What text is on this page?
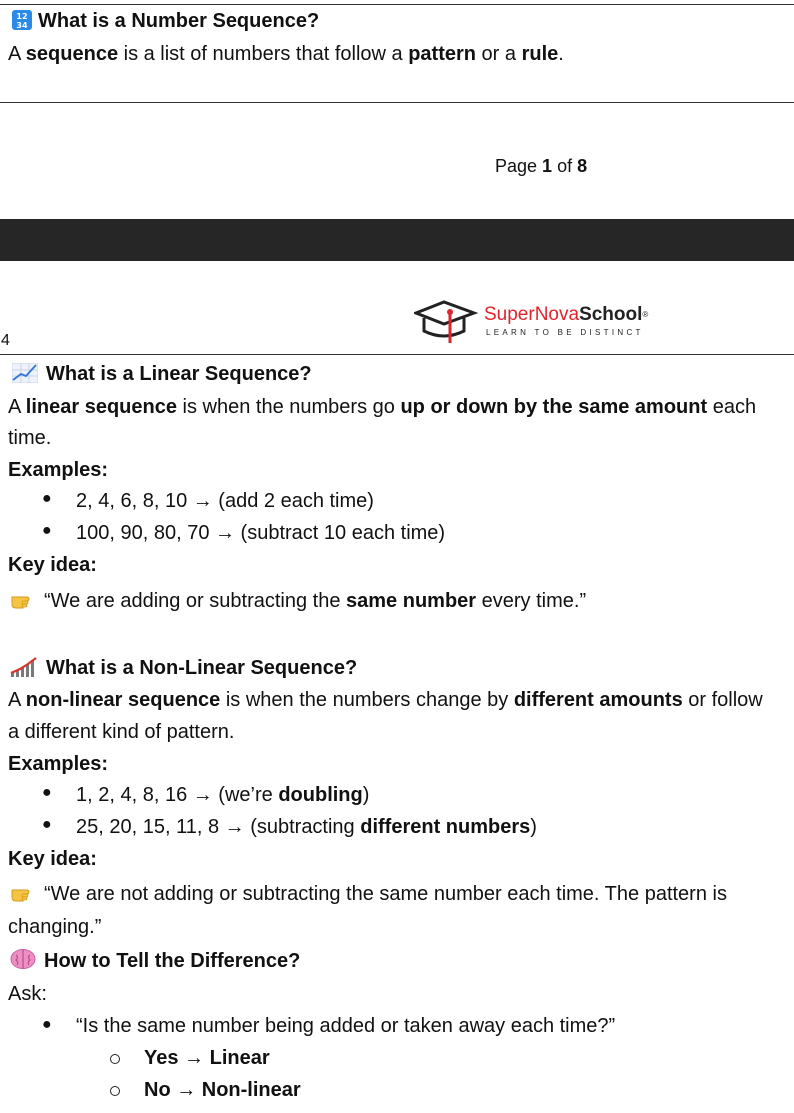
12
34 What is a Number Sequence?
A sequence is a list of numbers that follow a pattern or a rule.
Page 1 of 8
SuperNovaSchool®
LEARN TO BE DISTINCT
4
What is a Linear Sequence?
A linear sequence is when the numbers go up or down by the same amount each
time.
Examples:
● 2, 4, 6, 8, 10 → (add 2 each time)
● 100, 90, 80, 70 → (subtract 10 each time)
Key idea:
“We are adding or subtracting the same number every time.”
What is a Non-Linear Sequence?
A non-linear sequence is when the numbers change by different amounts or follow
a different kind of pattern.
Examples:
● 1, 2, 4, 8, 16 → (we’re doubling)
● 25, 20, 15, 11, 8 → (subtracting different numbers)
Key idea:
“We are not adding or subtracting the same number each time. The pattern is
changing.”
How to Tell the Difference?
Ask:
● “Is the same number being added or taken away each time?”
Yes → Linear
No → Non-linear
